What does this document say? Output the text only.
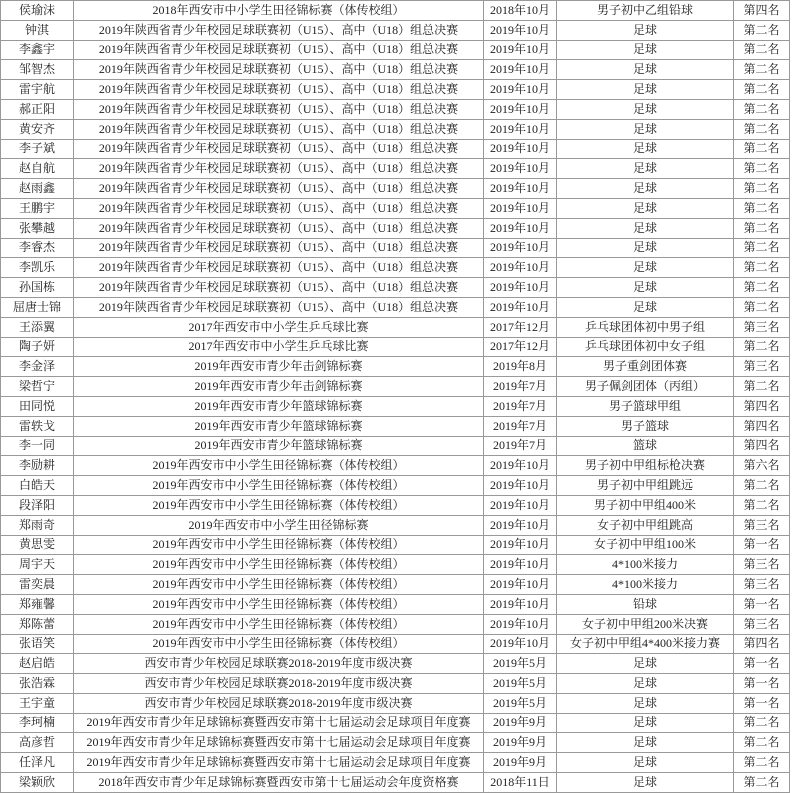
侯瑜沫	2018年西安市中小学生田径锦标赛（体传校组）	2018年10月	男子初中乙组铅球	第四名
钟淇	2019年陕西省青少年校园足球联赛初（U15）、高中（U18）组总决赛	2019年10月	足球	第二名
李鑫宇	2019年陕西省青少年校园足球联赛初（U15）、高中（U18）组总决赛	2019年10月	足球	第二名
邹智杰	2019年陕西省青少年校园足球联赛初（U15）、高中（U18）组总决赛	2019年10月	足球	第二名
雷宇航	2019年陕西省青少年校园足球联赛初（U15）、高中（U18）组总决赛	2019年10月	足球	第二名
郝正阳	2019年陕西省青少年校园足球联赛初（U15）、高中（U18）组总决赛	2019年10月	足球	第二名
黄安齐	2019年陕西省青少年校园足球联赛初（U15）、高中（U18）组总决赛	2019年10月	足球	第二名
李子斌	2019年陕西省青少年校园足球联赛初（U15）、高中（U18）组总决赛	2019年10月	足球	第二名
赵自航	2019年陕西省青少年校园足球联赛初（U15）、高中（U18）组总决赛	2019年10月	足球	第二名
赵雨鑫	2019年陕西省青少年校园足球联赛初（U15）、高中（U18）组总决赛	2019年10月	足球	第二名
王鹏宇	2019年陕西省青少年校园足球联赛初（U15）、高中（U18）组总决赛	2019年10月	足球	第二名
张攀越	2019年陕西省青少年校园足球联赛初（U15）、高中（U18）组总决赛	2019年10月	足球	第二名
李睿杰	2019年陕西省青少年校园足球联赛初（U15）、高中（U18）组总决赛	2019年10月	足球	第二名
李凯乐	2019年陕西省青少年校园足球联赛初（U15）、高中（U18）组总决赛	2019年10月	足球	第二名
孙国栋	2019年陕西省青少年校园足球联赛初（U15）、高中（U18）组总决赛	2019年10月	足球	第二名
屈唐士锦	2019年陕西省青少年校园足球联赛初（U15）、高中（U18）组总决赛	2019年10月	足球	第二名
王添翼	2017年西安市中小学生乒乓球比赛	2017年12月	乒乓球团体初中男子组	第三名
陶子妍	2017年西安市中小学生乒乓球比赛	2017年12月	乒乓球团体初中女子组	第二名
李金泽	2019年西安市青少年击剑锦标赛	2019年8月	男子重剑团体赛	第三名
梁哲宁	2019年西安市青少年击剑锦标赛	2019年7月	男子佩剑团体（丙组）	第二名
田同悦	2019年西安市青少年篮球锦标赛	2019年7月	男子篮球甲组	第四名
雷轶戈	2019年西安市青少年篮球锦标赛	2019年7月	男子篮球	第四名
李一同	2019年西安市青少年篮球锦标赛	2019年7月	篮球	第四名
李励耕	2019年西安市中小学生田径锦标赛（体传校组）	2019年10月	男子初中甲组标枪决赛	第六名
白皓天	2019年西安市中小学生田径锦标赛（体传校组）	2019年10月	男子初中甲组跳远	第二名
段泽阳	2019年西安市中小学生田径锦标赛（体传校组）	2019年10月	男子初中甲组400米	第二名
郑雨奇	2019年西安市中小学生田径锦标赛	2019年10月	女子初中甲组跳高	第三名
黄思雯	2019年西安市中小学生田径锦标赛（体传校组）	2019年10月	女子初中甲组100米	第一名
周宇天	2019年西安市中小学生田径锦标赛（体传校组）	2019年10月	4*100米接力	第三名
雷奕晨	2019年西安市中小学生田径锦标赛（体传校组）	2019年10月	4*100米接力	第三名
郑雍馨	2019年西安市中小学生田径锦标赛（体传校组）	2019年10月	铅球	第一名
郑陈蕾	2019年西安市中小学生田径锦标赛（体传校组）	2019年10月	女子初中甲组200米决赛	第三名
张语笑	2019年西安市中小学生田径锦标赛（体传校组）	2019年10月	女子初中甲组4*400米接力赛	第四名
赵启皓	西安市青少年校园足球联赛2018-2019年度市级决赛	2019年5月	足球	第一名
张浩霖	西安市青少年校园足球联赛2018-2019年度市级决赛	2019年5月	足球	第一名
王宇童	西安市青少年校园足球联赛2018-2019年度市级决赛	2019年5月	足球	第一名
李珂楠	2019年西安市青少年足球锦标赛暨西安市第十七届运动会足球项目年度赛	2019年9月	足球	第二名
高彦哲	2019年西安市青少年足球锦标赛暨西安市第十七届运动会足球项目年度赛	2019年9月	足球	第二名
任泽凡	2019年西安市青少年足球锦标赛暨西安市第十七届运动会足球项目年度赛	2019年9月	足球	第二名
梁颖欣	2018年西安市青少年足球锦标赛暨西安市第十七届运动会年度资格赛	2018年11日	足球	第二名
